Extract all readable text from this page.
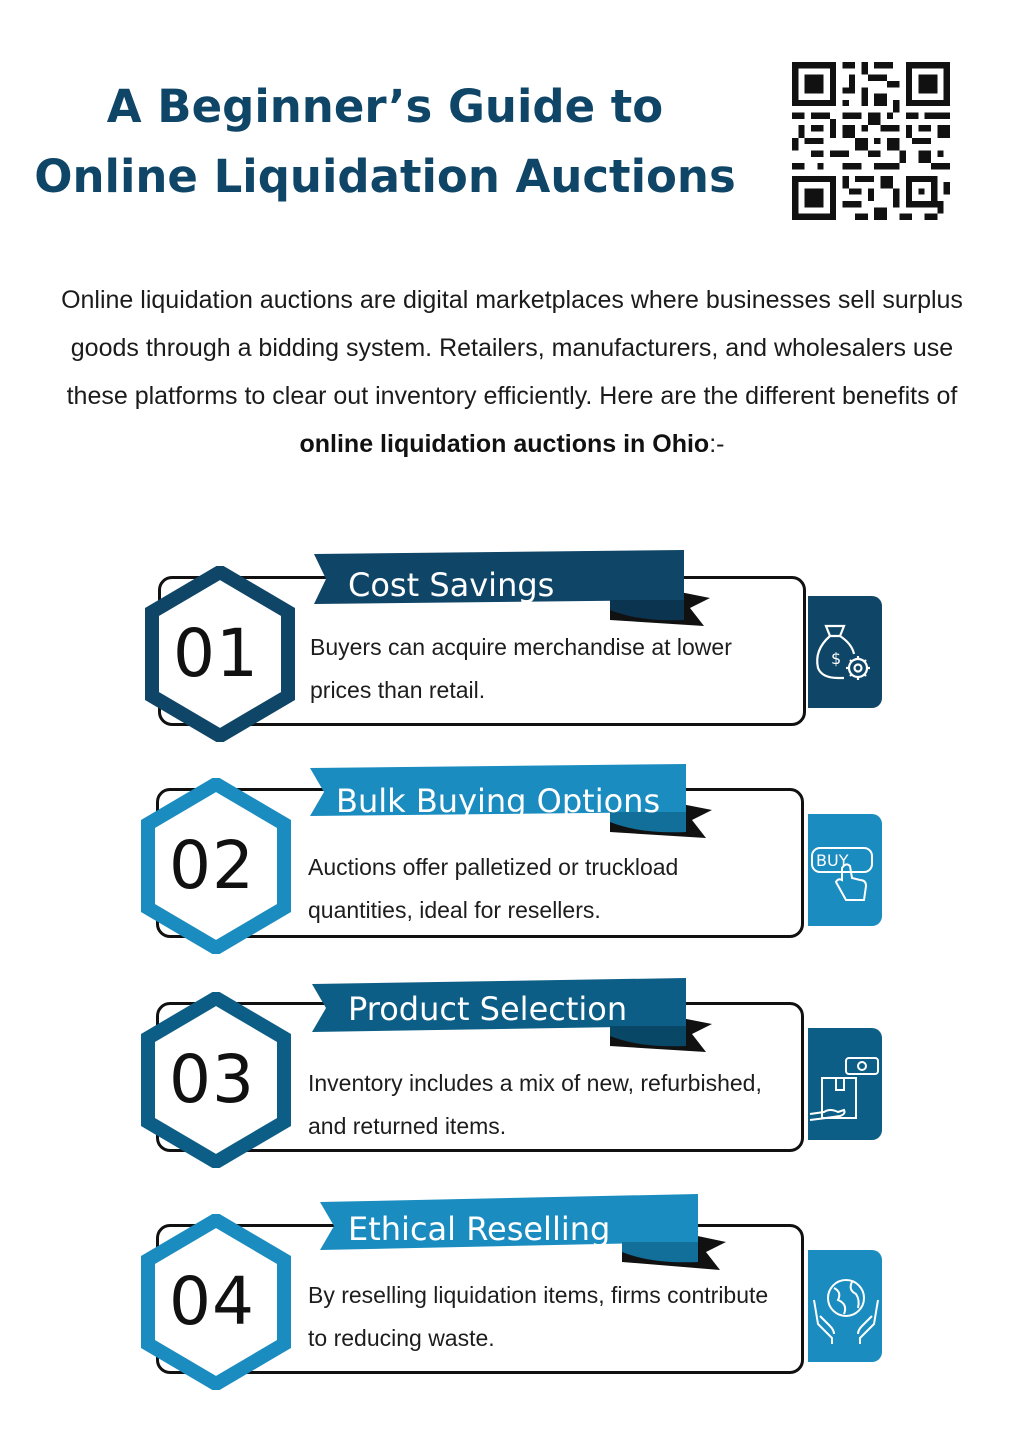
A Beginner’s Guide to
Online Liquidation Auctions

Online liquidation auctions are digital marketplaces where businesses sell surplus goods through a bidding system. Retailers, manufacturers, and wholesalers use these platforms to clear out inventory efficiently. Here are the different benefits of online liquidation auctions in Ohio:-

01
Cost Savings
Buyers can acquire merchandise at lower prices than retail.
$
02
Bulk Buying Options
Auctions offer palletized or truckload quantities, ideal for resellers.
BUY
03
Product Selection
Inventory includes a mix of new, refurbished, and returned items.
04
Ethical Reselling
By reselling liquidation items, firms contribute to reducing waste.
